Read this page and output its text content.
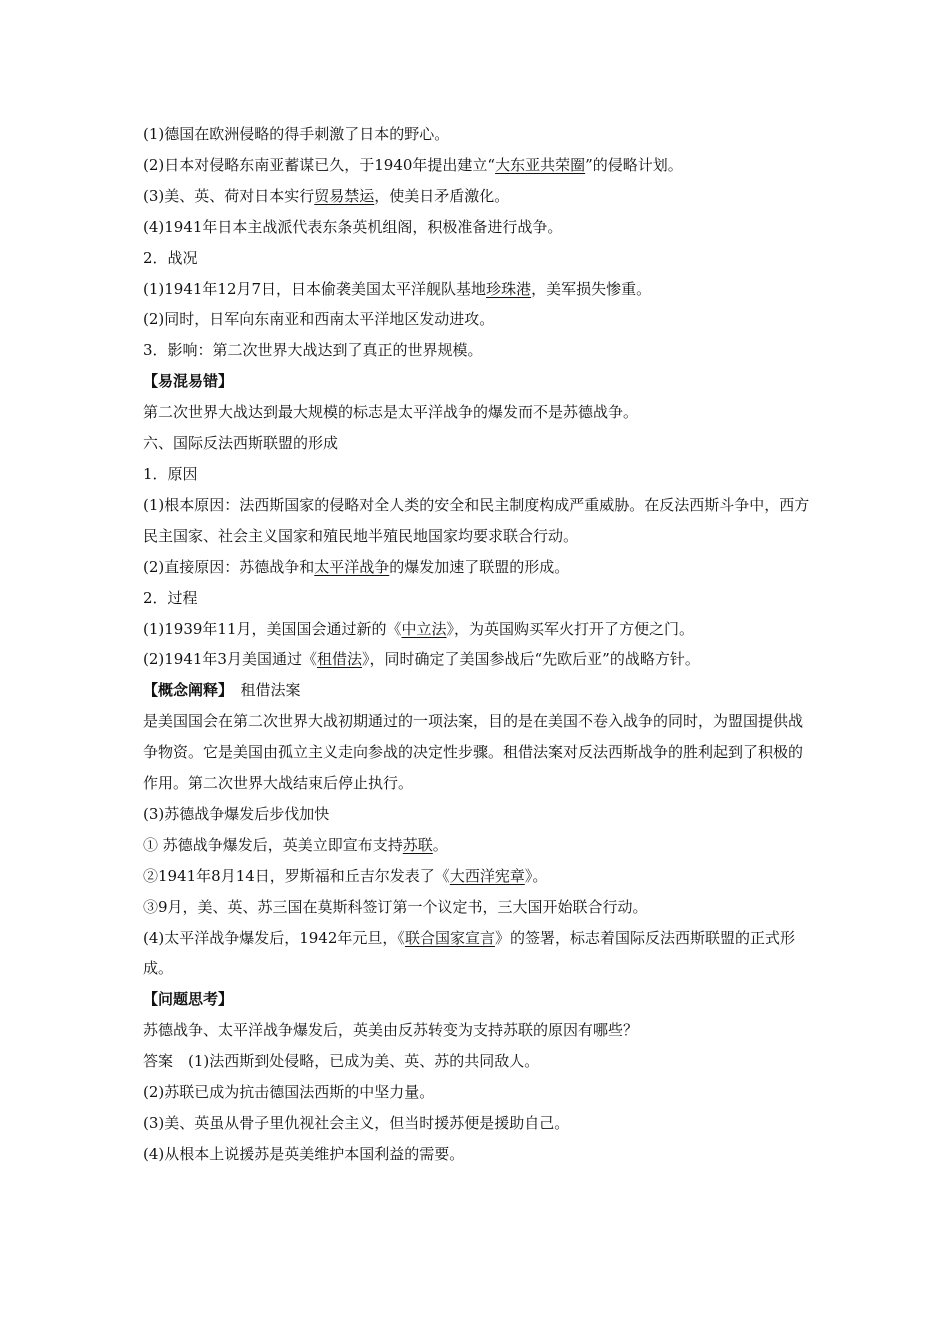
(1)德国在欧洲侵略的得手刺激了日本的野心。
(2)日本对侵略东南亚蓄谋已久，于1940年提出建立“大东亚共荣圈”的侵略计划。
(3)美、英、荷对日本实行贸易禁运，使美日矛盾激化。
(4)1941年日本主战派代表东条英机组阁，积极准备进行战争。
2．战况
(1)1941年12月7日，日本偷袭美国太平洋舰队基地珍珠港，美军损失惨重。
(2)同时，日军向东南亚和西南太平洋地区发动进攻。
3．影响：第二次世界大战达到了真正的世界规模。
【易混易错】
第二次世界大战达到最大规模的标志是太平洋战争的爆发而不是苏德战争。
六、国际反法西斯联盟的形成
1．原因
(1)根本原因：法西斯国家的侵略对全人类的安全和民主制度构成严重威胁。在反法西斯斗争中，西方民主国家、社会主义国家和殖民地半殖民地国家均要求联合行动。
(2)直接原因：苏德战争和太平洋战争的爆发加速了联盟的形成。
2．过程
(1)1939年11月，美国国会通过新的《中立法》，为英国购买军火打开了方便之门。
(2)1941年3月美国通过《租借法》，同时确定了美国参战后“先欧后亚”的战略方针。
【概念阐释】　租借法案
是美国国会在第二次世界大战初期通过的一项法案，目的是在美国不卷入战争的同时，为盟国提供战争物资。它是美国由孤立主义走向参战的决定性步骤。租借法案对反法西斯战争的胜利起到了积极的作用。第二次世界大战结束后停止执行。
(3)苏德战争爆发后步伐加快
① 苏德战争爆发后，英美立即宣布支持苏联。
②1941年8月14日，罗斯福和丘吉尔发表了《大西洋宪章》。
③9月，美、英、苏三国在莫斯科签订第一个议定书，三大国开始联合行动。
(4)太平洋战争爆发后，1942年元旦，《联合国家宣言》的签署，标志着国际反法西斯联盟的正式形成。
【问题思考】
苏德战争、太平洋战争爆发后，英美由反苏转变为支持苏联的原因有哪些？
答案　(1)法西斯到处侵略，已成为美、英、苏的共同敌人。
(2)苏联已成为抗击德国法西斯的中坚力量。
(3)美、英虽从骨子里仇视社会主义，但当时援苏便是援助自己。
(4)从根本上说援苏是英美维护本国利益的需要。
